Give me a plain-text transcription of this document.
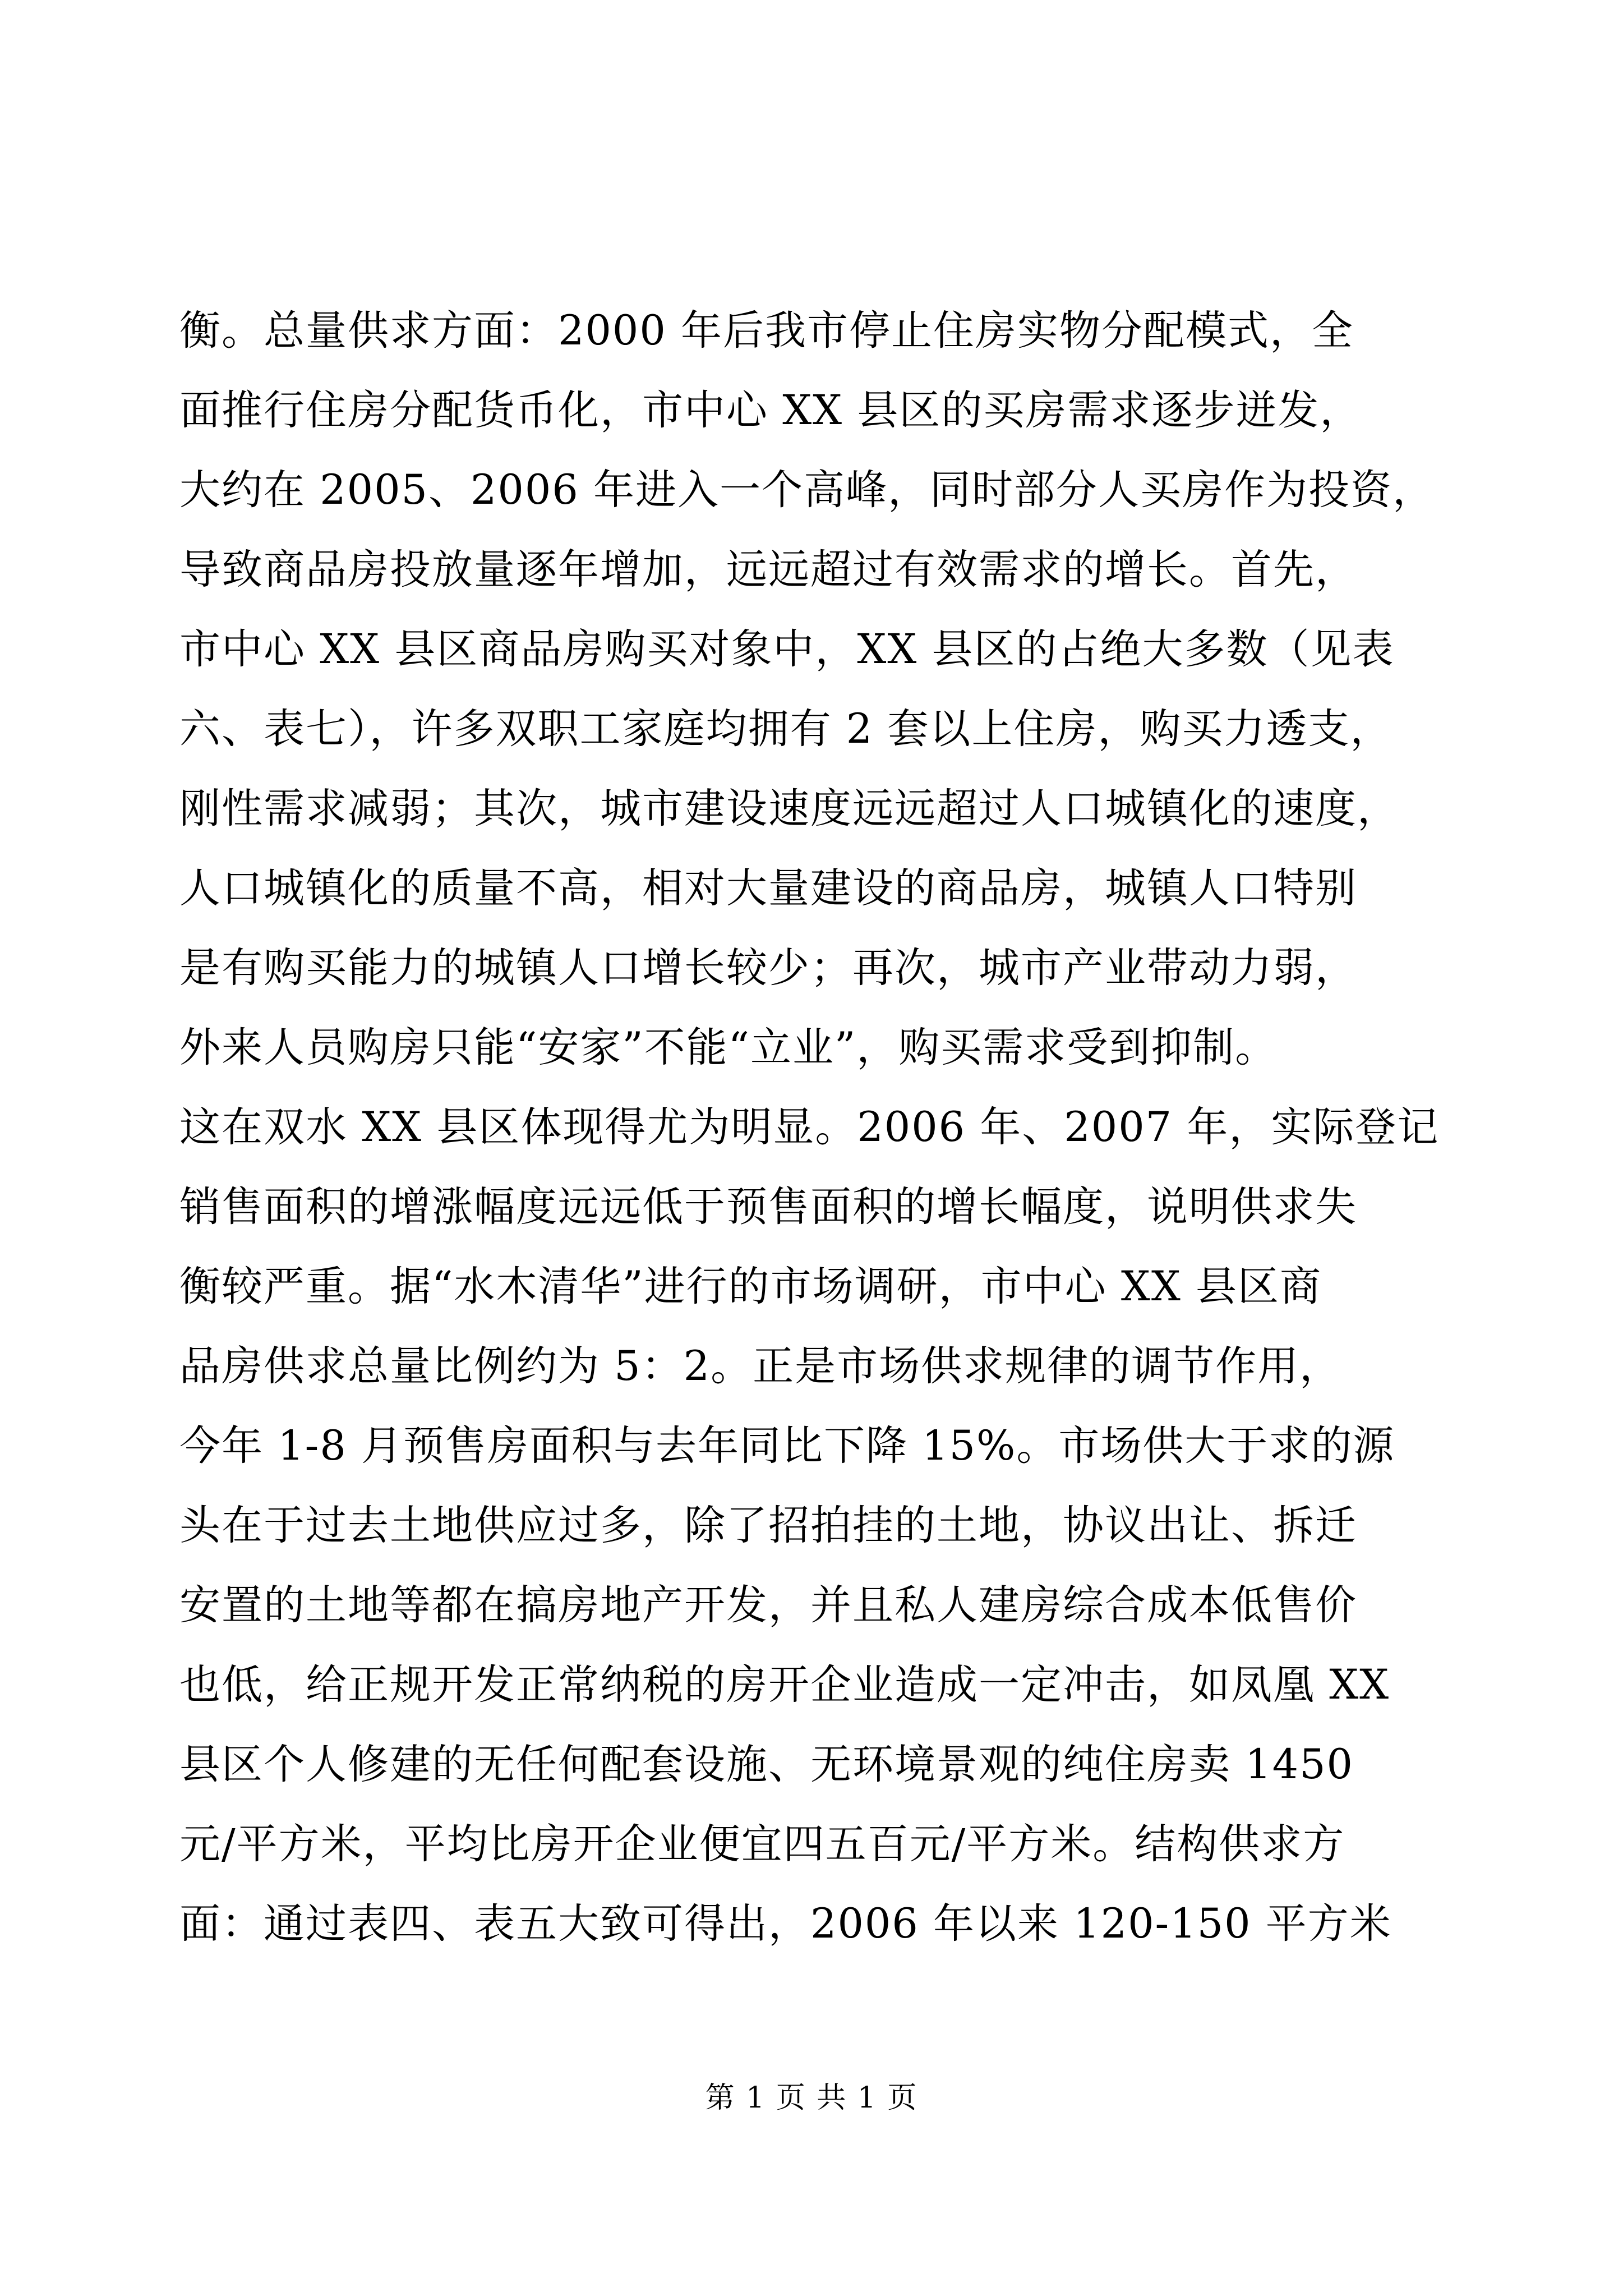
衡。总量供求方面：2000 年后我市停止住房实物分配模式，全
面推行住房分配货币化，市中心 XX 县区的买房需求逐步迸发，
大约在 2005、2006 年进入一个高峰，同时部分人买房作为投资，
导致商品房投放量逐年增加，远远超过有效需求的增长。首先，
市中心 XX 县区商品房购买对象中，XX 县区的占绝大多数（见表
六、表七），许多双职工家庭均拥有 2 套以上住房，购买力透支，
刚性需求减弱；其次，城市建设速度远远超过人口城镇化的速度，
人口城镇化的质量不高，相对大量建设的商品房，城镇人口特别
是有购买能力的城镇人口增长较少；再次，城市产业带动力弱，
外来人员购房只能“安家”不能“立业”，购买需求受到抑制。
这在双水 XX 县区体现得尤为明显。2006 年、2007 年，实际登记
销售面积的增涨幅度远远低于预售面积的增长幅度，说明供求失
衡较严重。据“水木清华”进行的市场调研，市中心 XX 县区商
品房供求总量比例约为 5：2。正是市场供求规律的调节作用，
今年 1-8 月预售房面积与去年同比下降 15%。市场供大于求的源
头在于过去土地供应过多，除了招拍挂的土地，协议出让、拆迁
安置的土地等都在搞房地产开发，并且私人建房综合成本低售价
也低，给正规开发正常纳税的房开企业造成一定冲击，如凤凰 XX
县区个人修建的无任何配套设施、无环境景观的纯住房卖 1450
元/平方米，平均比房开企业便宜四五百元/平方米。结构供求方
面：通过表四、表五大致可得出，2006 年以来 120-150 平方米
第 1 页 共 1 页
